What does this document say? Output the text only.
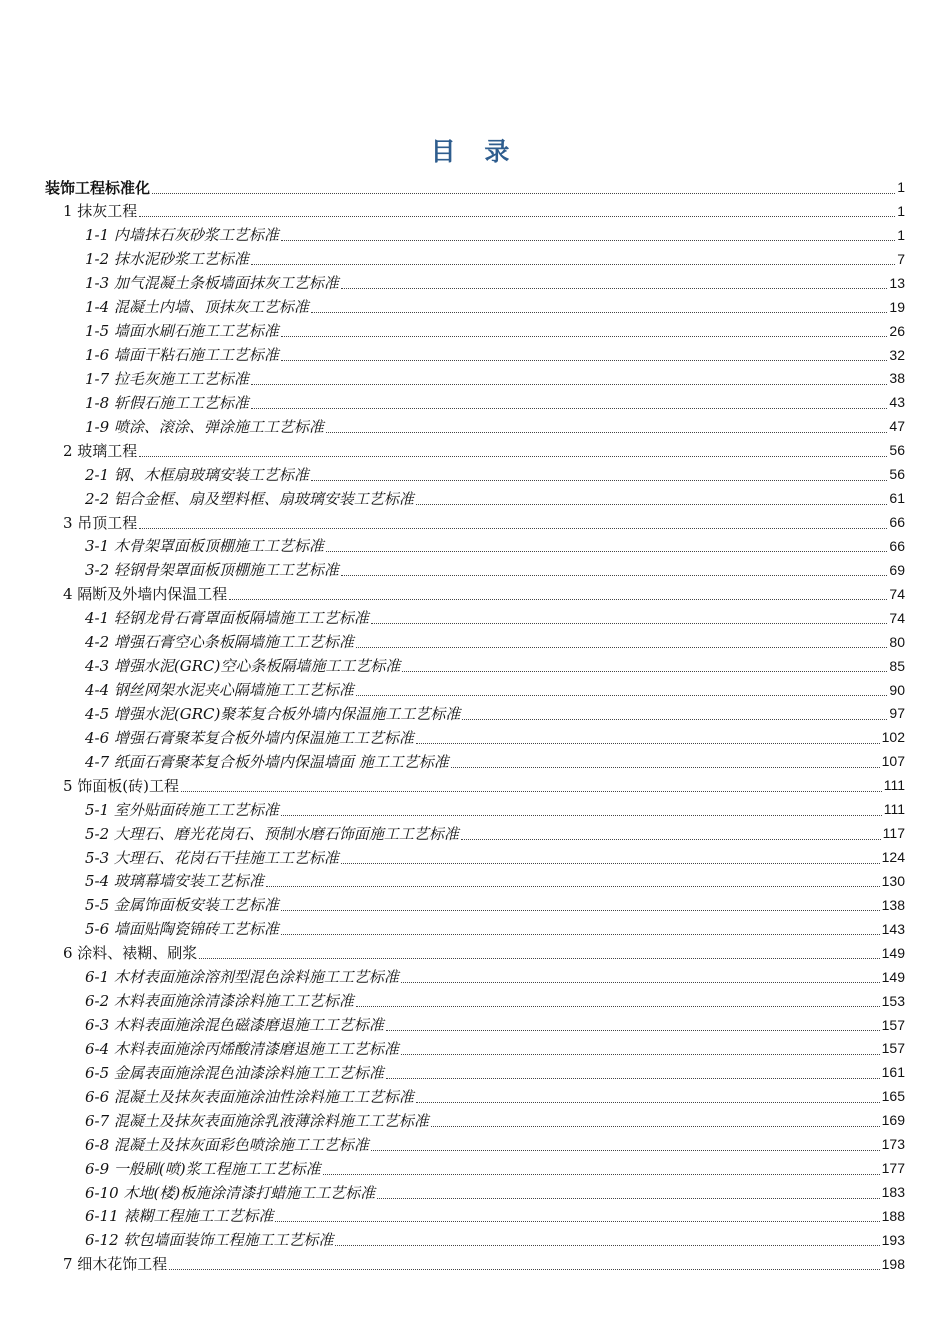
目 录
装饰工程标准化	1
1 抹灰工程	1
1-1 内墙抹石灰砂浆工艺标准	1
1-2 抹水泥砂浆工艺标准	7
1-3 加气混凝土条板墙面抹灰工艺标准	13
1-4 混凝土内墙、顶抹灰工艺标准	19
1-5 墙面水刷石施工工艺标准	26
1-6 墙面干粘石施工工艺标准	32
1-7 拉毛灰施工工艺标准	38
1-8 斩假石施工工艺标准	43
1-9 喷涂、滚涂、弹涂施工工艺标准	47
2 玻璃工程	56
2-1 钢、木框扇玻璃安装工艺标准	56
2-2 铝合金框、扇及塑料框、扇玻璃安装工艺标准	61
3 吊顶工程	66
3-1 木骨架罩面板顶棚施工工艺标准	66
3-2 轻钢骨架罩面板顶棚施工工艺标准	69
4 隔断及外墙内保温工程	74
4-1 轻钢龙骨石膏罩面板隔墙施工工艺标准	74
4-2 增强石膏空心条板隔墙施工工艺标准	80
4-3 增强水泥(GRC)空心条板隔墙施工工艺标准	85
4-4 钢丝网架水泥夹心隔墙施工工艺标准	90
4-5 增强水泥(GRC)聚苯复合板外墙内保温施工工艺标准	97
4-6 增强石膏聚苯复合板外墙内保温施工工艺标准	102
4-7 纸面石膏聚苯复合板外墙内保温墙面 施工工艺标准	107
5 饰面板(砖)工程	111
5-1 室外贴面砖施工工艺标准	111
5-2 大理石、磨光花岗石、预制水磨石饰面施工工艺标准	117
5-3 大理石、花岗石干挂施工工艺标准	124
5-4 玻璃幕墙安装工艺标准	130
5-5 金属饰面板安装工艺标准	138
5-6 墙面贴陶瓷锦砖工艺标准	143
6 涂料、裱糊、刷浆	149
6-1 木材表面施涂溶剂型混色涂料施工工艺标准	149
6-2 木料表面施涂清漆涂料施工工艺标准	153
6-3 木料表面施涂混色磁漆磨退施工工艺标准	157
6-4 木料表面施涂丙烯酸清漆磨退施工工艺标准	157
6-5 金属表面施涂混色油漆涂料施工工艺标准	161
6-6 混凝土及抹灰表面施涂油性涂料施工工艺标准	165
6-7 混凝土及抹灰表面施涂乳液薄涂料施工工艺标准	169
6-8 混凝土及抹灰面彩色喷涂施工工艺标准	173
6-9 一般刷(喷)浆工程施工工艺标准	177
6-10 木地(楼)板施涂清漆打蜡施工工艺标准	183
6-11 裱糊工程施工工艺标准	188
6-12 软包墙面装饰工程施工工艺标准	193
7 细木花饰工程	198
